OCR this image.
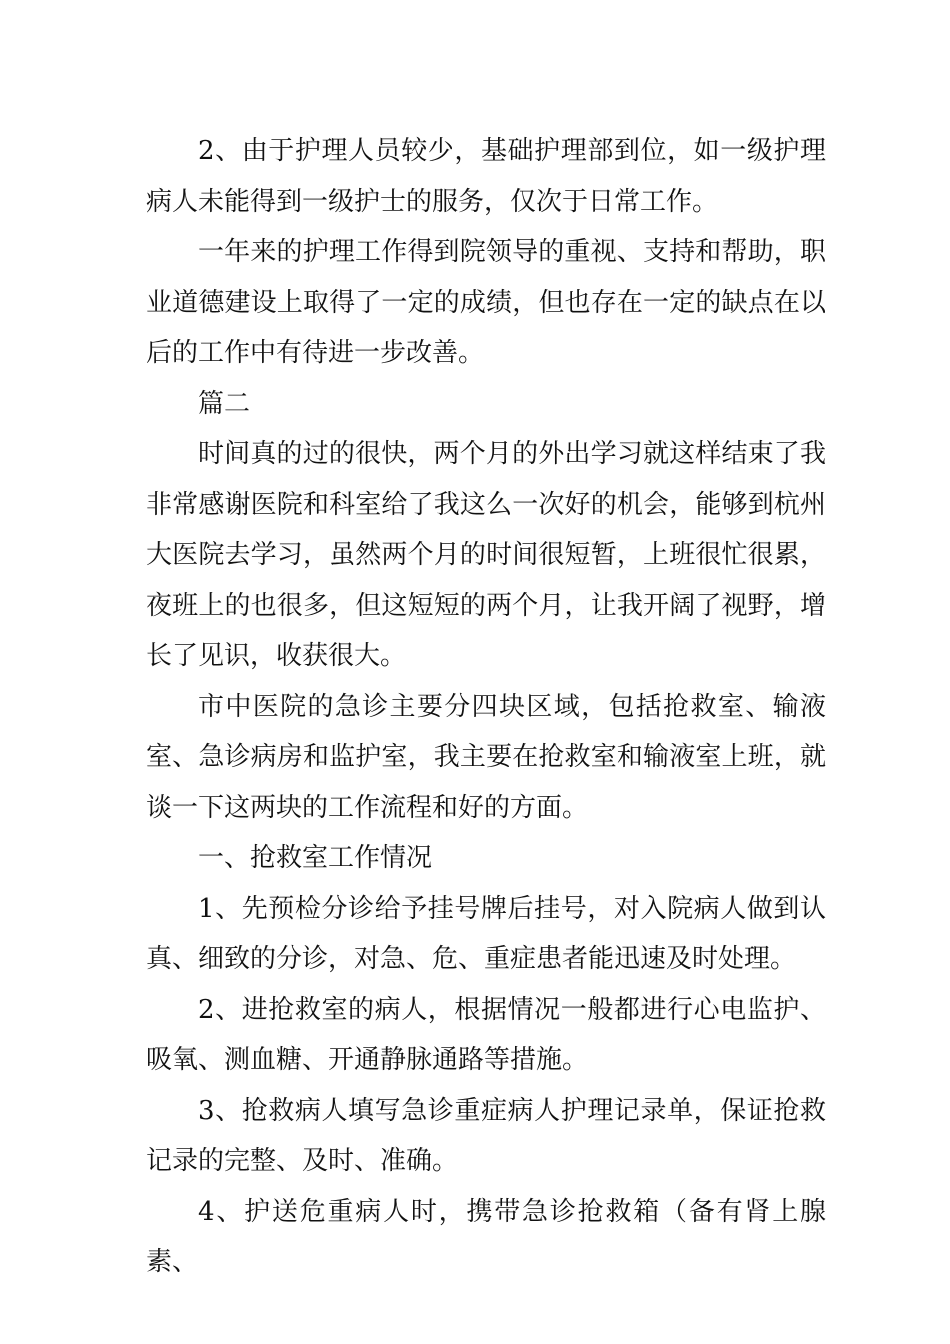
2、由于护理人员较少，基础护理部到位，如一级护理病人未能得到一级护士的服务，仅次于日常工作。

一年来的护理工作得到院领导的重视、支持和帮助，职业道德建设上取得了一定的成绩，但也存在一定的缺点在以后的工作中有待进一步改善。

篇二

时间真的过的很快，两个月的外出学习就这样结束了我非常感谢医院和科室给了我这么一次好的机会，能够到杭州大医院去学习，虽然两个月的时间很短暂，上班很忙很累，夜班上的也很多，但这短短的两个月，让我开阔了视野，增长了见识，收获很大。

市中医院的急诊主要分四块区域，包括抢救室、输液室、急诊病房和监护室，我主要在抢救室和输液室上班，就谈一下这两块的工作流程和好的方面。

一、抢救室工作情况

1、先预检分诊给予挂号牌后挂号，对入院病人做到认真、细致的分诊，对急、危、重症患者能迅速及时处理。

2、进抢救室的病人，根据情况一般都进行心电监护、吸氧、测血糖、开通静脉通路等措施。

3、抢救病人填写急诊重症病人护理记录单，保证抢救记录的完整、及时、准确。

4、护送危重病人时，携带急诊抢救箱（备有肾上腺素、
